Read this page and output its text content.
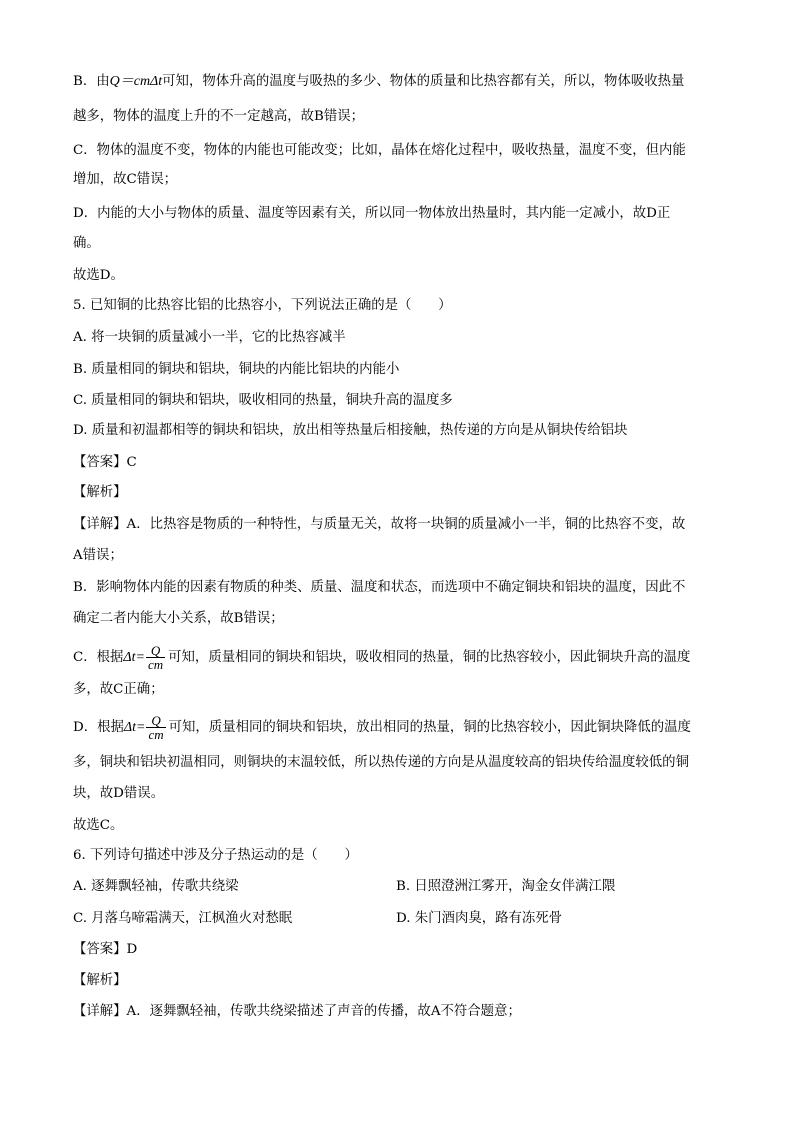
B．由Q＝cmΔt可知，物体升高的温度与吸热的多少、物体的质量和比热容都有关，所以，物体吸收热量
越多，物体的温度上升的不一定越高，故B错误；
C．物体的温度不变，物体的内能也可能改变；比如，晶体在熔化过程中，吸收热量，温度不变，但内能
增加，故C错误；
D．内能的大小与物体的质量、温度等因素有关，所以同一物体放出热量时，其内能一定减小，故D正
确。
故选D。
5. 已知铜的比热容比铝的比热容小，下列说法正确的是（　　）
A. 将一块铜的质量减小一半，它的比热容减半
B. 质量相同的铜块和铝块，铜块的内能比铝块的内能小
C. 质量相同的铜块和铝块，吸收相同的热量，铜块升高的温度多
D. 质量和初温都相等的铜块和铝块，放出相等热量后相接触，热传递的方向是从铜块传给铝块
【答案】C
【解析】
【详解】A．比热容是物质的一种特性，与质量无关，故将一块铜的质量减小一半，铜的比热容不变，故
A错误；
B．影响物体内能的因素有物质的种类、质量、温度和状态，而选项中不确定铜块和铝块的温度，因此不
确定二者内能大小关系，故B错误；
C．根据$\Delta t= \frac{Q}{cm}$ 可知，质量相同的铜块和铝块，吸收相同的热量，铜的比热容较小，因此铜块升高的温度
多，故C正确；
D．根据$\Delta t= \frac{Q}{cm}$ 可知，质量相同的铜块和铝块，放出相同的热量，铜的比热容较小，因此铜块降低的温度
多，铜块和铝块初温相同，则铜块的末温较低，所以热传递的方向是从温度较高的铝块传给温度较低的铜
块，故D错误。
故选C。
6. 下列诗句描述中涉及分子热运动的是（　　）
A. 逐舞飘轻袖，传歌共绕梁	B. 日照澄洲江雾开，淘金女伴满江隈
C. 月落乌啼霜满天，江枫渔火对愁眠	D. 朱门酒肉臭，路有冻死骨
【答案】D
【解析】
【详解】A．逐舞飘轻袖，传歌共绕梁描述了声音的传播，故A不符合题意；
